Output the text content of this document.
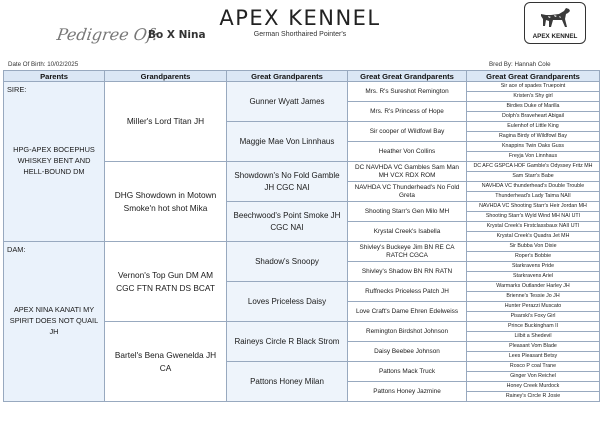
APEX KENNEL
German Shorthaired Pointer's
Pedigree Of:
Bo X Nina	APEX KENNEL
Date Of Birth: 10/02/2025	Bred By: Hannah Cole
Parents	Grandparents	Great Grandparents	Great Great Grandparents	Great Great Grandparents

SIRE:
HPG-APEX BOCEPHUS WHISKEY BENT AND HELL-BOUND DM	Miller's Lord Titan JH	Gunner Wyatt James	Mrs. R's Sureshot Remington	Sir ace of spades Truepoint
				Kristen's Shy girl
			Mrs. R's Princess of Hope	Birdies Duke of Marilla
				Dolph's Braveheart Abigail
		Maggie Mae Von Linnhaus	Sir cooper of Wildfowl Bay	Eulenhof of Little King
				Ragina Birdy of Wildfowl Bay
			Heather Von Collins	Knappins Twin Oaks Guss
				Freyja Von Linnhaus
	DHG Showdown in Motown Smoke'n hot shot Mika	Showdown's No Fold Gamble JH CGC NAI	DC NAVHDA VC Gambles Sam Man MH VCX RDX ROM	DC AFC GSPCA HOF Gamble's Odyssey Fritz MH
				Sam Starr's Babe
			NAVHDA VC Thunderhead's No Fold Greta	NAVHDA VC thunderhead's Double Trouble
				Thunderhead's Lady Taima NAII
		Beechwood's Point Smoke JH CGC NAI	Shooting Starr's Gen Milo MH	NAVHDA VC Shooting Starr's Heir Jordan MH
				Shooting Starr's Wyld Wind MH NAI UTI
			Krystal Creek's Isabella	Krystal Creek's Firstclassbaux NAII UTI
				Krystal Creek's Quadra Jet MH

DAM:
APEX NINA KANATI MY SPIRIT DOES NOT QUAIL JH	Vernon's Top Gun DM AM CGC FTN RATN DS BCAT	Shadow's Snoopy	Shivley's Buckeye Jim BN RE CA RATCH CGCA	Sir Bubba Von Dixie
				Roper's Bobbie
			Shivley's Shadow BN RN RATN	Starkravens Pride
				Starkravens Ariel
		Loves Priceless Daisy	Ruffnecks Priceless Patch JH	Warmarks Outlander Harley JH
				Brienne's Tessie Jo JH
			Love Craft's Dame Ehren Edelweiss	Hunter Perazzi Muscato
				Pisarski's Foxy Girl
	Bartel's Bena Gwenelda JH CA	Raineys Circle R Black Strom	Remington Birdshot Johnson	Prince Buckingham II
				Lilbit a Shedevil
			Daisy Beebee Johnson	Pleasant Vom Blade
				Lees Pleasant Betsy
		Pattons Honey Milan	Pattons Mack Truck	Rosco P coal Trane
				Ginger Von Reichel
			Pattons Honey Jazmine	Honey Creek Murdock
				Rainey's Circle R Josie
